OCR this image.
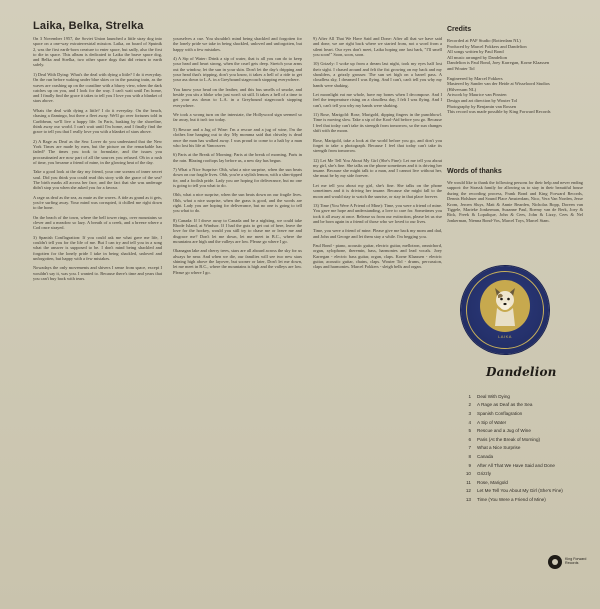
Laika, Belka, Strelka

On 3 November 1957, the Soviet Union launched a little stray dog into space on a one-way extraterrestrial mission. Laika, on board of Sputnik 2, was the first earth-born creature to enter space, but sadly, also the first to die in space. This album is dedicated to Laika the brave space dog, and Belka and Strelka, two other space dogs that did return to earth safely.

1) Deal With Dying: What's the deal with dying a little? I do it everyday. On the run before waking under blue skies or in the passing train, as the waves are crashing up on the coastline with a blurry view, when the dark catches up on you, and I look for the way. I can't wait until I'm home, and I finally find the grace it takes to tell you I love you with a blanket of stars above.

Whats the deal with dying a little? I do it everyday. On the beach, chasing a flamingo, but there a fleet away. We'll go over fortunes told in Caribbean, we'll live a happy life. In Paris, basking by the shoreline, think away our world. I can't wait until I'm home, and I finally find the grace to tell you that I really love you with a blanket of stars above.

2) A Rage as Deaf as the Sea: Lover do you understand that the New York Times are made by men, but the picture on the remarkable has faded? The times you took to formulate, and the issues you procrastinated are now part of all the sources you refused. Oh in a rush of time, you became a friend of mine, in the glowing heat of the day.

Take a good look at the day my friend, your one scream of inner secret soul. Did you think you could read this story with the grace of the sea? The birth marks all across her face, and the fact that she was underage didn't stop you when she asked you for a favour.

A rage as deaf as the sea, as mute as the waves. A tide as grand as it gets, you're surfing away. Your mind was corrupted, it chilled me right down to the bone.

On the beach of the town, where the bell tower rings, over mountains so clever and a meadow so lazy. A breath of a creek, and a breeze where a Cod once strayed.

3) Spanish Conflagration: If you could ask me what gave me life, I couldn't tell you for the life of me. But I can try and tell you in a song what the answer is supposed to be. I don't mind being shackled and forgotten for the lonely pride I take in being shackled, unloved and unforgotten, but happy with a few mistakes.

Nowadays the only movements and shivers I sense from space, except I wouldn't say it, was you. I wanted to. Because there's time and years that you can't buy back with tears.

yourselves a cue. You shouldn't mind being shackled and forgotten for the lonely pride we take in being shackled, unloved and unforgotten, but happy with a few mistakes.

4) A Sip of Water: Drink a sip of water, that is all you can do to keep your head and heart strong, when the cruel gets deep. Stretch your arms out the window, let the sun in your skin. Don't let the day's dripping and your head that's tripping, don't you know, it takes a hell of a ride to get your ass down to L.A. in a Greyhound stagecoach stopping everywhere.

You know your head on the leather, and this bus smells of smoke, and beside you sits a bloke who just won't sit still. It takes a hell of a time to get your ass down to L.A. in a Greyhound stagecoach stopping everywhere.

We took a wrong turn on the interstate, the Hollywood sign seemed so far away, but it isn't too today.

5) Rescue and a Jug of Wine: I'm a rescue and a jug of wine, I'm the clothes line hanging out to dry. My momma said that chivalry is dead once the man has walked away. I was proud to come to a halt by a man who lost his life at Vancouver.

6) Paris at the Break of Morning: Paris at the break of morning, Paris in the rain. Blazing rooftops lay before us, a new day has begun.

7) What a Nice Surprise: Ohh, what a nice surprise, when the sun beats down on our fragile lives. Ohh, you're a stylish lemon, with a slim-tipped tie, and a foolish pride. Lady you are hoping for deliverance, but no one is going to tell you what to do.

Ohh, what a nice surprise, when the sun beats down on our fragile lives. Ohh, what a nice surprise, when the grass is good, and the words are right. Lady you are hoping for deliverance, but no one is going to tell you what to do.

8) Canada: If I drove away to Canada and be a nighting, we could take Rhode Island, at Windsor. If I had the guts to get out of here, leave the love for the hockey, would you still try to chase me or leave me and disgrace me? Don't let me down, let me meet in B.C., where the mountains are high and the valleys are low. Please go where I go.

Okanagan lake and cherry trees, stars are all aboard across the sky for us always be near. And when we die, our families will see two new stars shining high above the layover, but sooner or later, Don't let me down, let me meet in B.C., where the mountains is high and the valleys are low. Please go where I go.

9) After All That We Have Said and Done: After all that we have said and done, we are right back where we started from, not a word from a silent heart. Our eyes don't meet, Laika hoping one last bark, "I'll smell you soon!" Soon, soon, soon.

10) Grizzly: I woke up from a dream last night, took my eyes half lost their sight. I chased around and felt the fist growing on my back and my shoulders, a grizzly grouser. The sun set high on a barrel pass. A cloudless sky, I dreamed I was flying. And I can't, can't tell you why my hands were shaking.

Let moonlight eat me whole, have my bones when I decompose. And I feel the temperature rising on a cloudless day, I felt I was flying. And I can't, can't tell you why my hands were shaking.

11) Rose, Marigold: Rose, Marigold, dipping fingers in the punchbowl. Time is moving slow. Take a sip of the Kool-Aid before you go. Because I feel that today can't take its strength from tomorrow, so the sun changes shift with the moon.

Rose, Marigold, take a look at the world before you go, and don't you forget to take a photograph. Because I feel that today can't take its strength from tomorrow.

12) Let Me Tell You About My Girl (She's Fine): Let me tell you about my girl, she's fine. She talks on the phone sometimes and it is driving her insane. Because she might talk to a man, and I cannot live without her, she must be by my side forever.

Let me tell you about my girl, she's fine. She talks on the phone sometimes and it is driving her insane. Because she might fall to the moon and would stay to watch the sunrise, or stay in that place forever.

13) Time (You Were A Friend of Mine): Time, you were a friend of mine. You gave me hope and understanding, a love to care for. Sometimes you took it all away at once. Release us from our extinction, please let us rise and be born again in a friend of those who we loved to our lives.

Time, you were a friend of mine. Please give me back my mom and dad, and John and George and let them stay a while. I'm begging you.

Paul Bond - piano, acoustic guitar, electric guitar, mellotron, omnichord, organ, xylophone, theremin, bass, harmonies and lead vocals. Joey Karregan - electric bass guitar, organ, claps. Korne Klaassen - electric guitar, acoustic guitar, chains, claps. Wouter Tol - drums, percussion, claps and harmonies. Marcel Fokkers - sleigh bells and organ.

Credits
Recorded at PAF Studio (Rotterdam NL)
Produced by Marcel Fokkers and Dandelion
All songs written by Paul Bond
All music arranged by Dandelion
Dandelion is Paul Bond, Joey Karregan, Korne Klaassen
and Wouter Tol
Engineered by Marcel Fokkers
Mastered by Sander van der Heide at Wisseloord Studios
(Hilversum NL)
Artwork by Maurice van Pinxten
Design and art direction by Wouter Tol
Photography by Benjamin van Rossen
This record was made possible by King Forward Records
Words of thanks
We would like to thank the following persons for their help and never ending support: the Strassk family for allowing us to stay in their beautiful house during the recording process, Frank Bond and King Forward Records, Dennis Holshuer and Sound Place Amsterdam, Nico, Vera Van Norden, Jesse Krom, Jeroen Sluys, Matt & Annie Bearden, Nicholas Bopp, Doreen van Tiggele, Marieke Jonkerman, Suzanne Paul, Roemy van de Berk, Joey & Rick, Freek & Lopalique, John & Cees, John & Lizzy, Cees & Nel Jonkerman, Nienna Bond-Vos, Marcel Toys, Marcel Stam.
LAIKA
Dandelion
1	Deal With Dying
2	A Rage as Deaf as the Sea
3	Spanish Conflagration
4	A Sip of Water
5	Rescue and a Jug of Wine
6	Paris (At the Break of Morning)
7	What a Nice Surprise
8	Canada
9	After All That We Have Said and Done
10	Grizzly
11	Rose, Marigold
12	Let Me Tell You About My Girl (She's Fine)
13	Time (You Were a Friend of Mine)
King Forward Records
